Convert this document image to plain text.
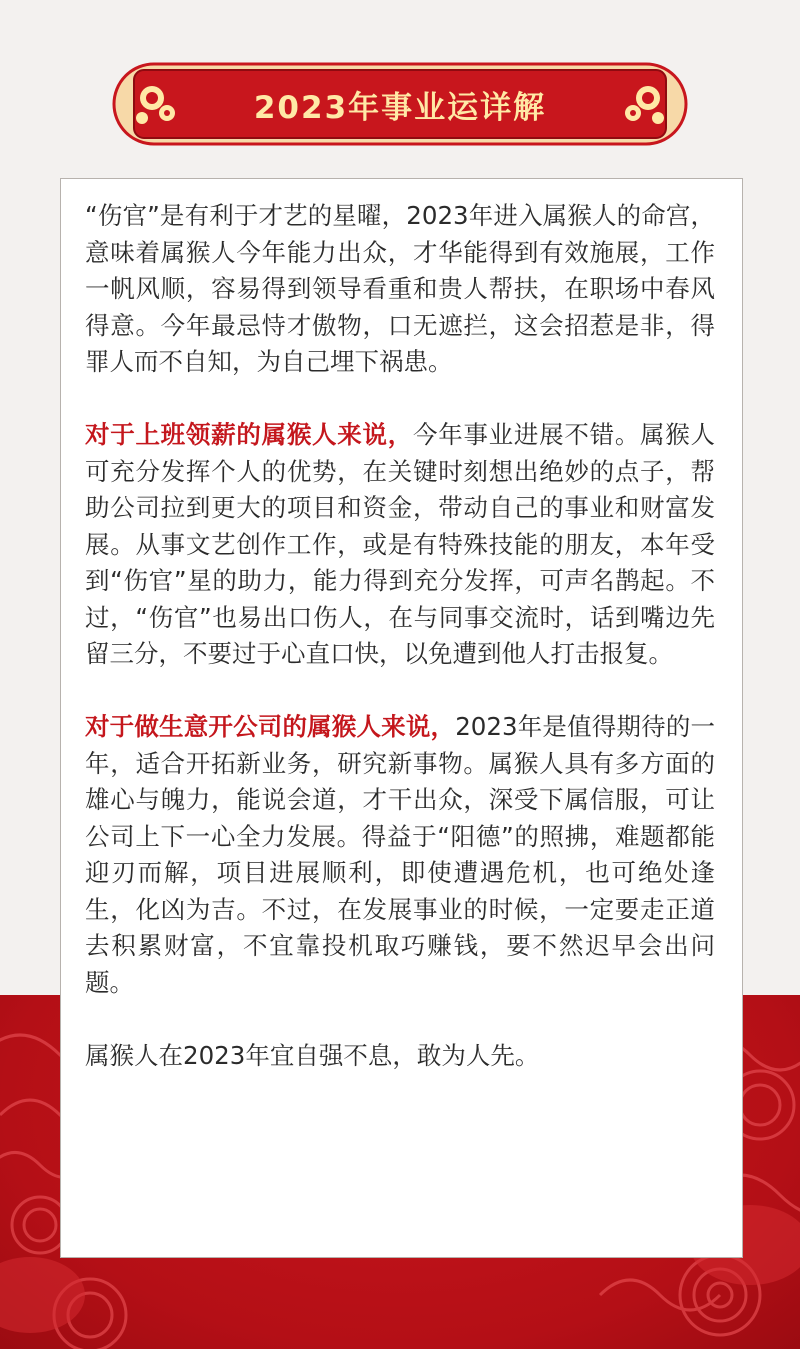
2023年事业运详解

“伤官”是有利于才艺的星曜，2023年进入属猴人的命宫，意味着属猴人今年能力出众，才华能得到有效施展，工作一帆风顺，容易得到领导看重和贵人帮扶，在职场中春风得意。今年最忌恃才傲物，口无遮拦，这会招惹是非，得罪人而不自知，为自己埋下祸患。

对于上班领薪的属猴人来说，今年事业进展不错。属猴人可充分发挥个人的优势，在关键时刻想出绝妙的点子，帮助公司拉到更大的项目和资金，带动自己的事业和财富发展。从事文艺创作工作，或是有特殊技能的朋友，本年受到“伤官”星的助力，能力得到充分发挥，可声名鹊起。不过，“伤官”也易出口伤人，在与同事交流时，话到嘴边先留三分，不要过于心直口快，以免遭到他人打击报复。

对于做生意开公司的属猴人来说，2023年是值得期待的一年，适合开拓新业务，研究新事物。属猴人具有多方面的雄心与魄力，能说会道，才干出众，深受下属信服，可让公司上下一心全力发展。得益于“阳德”的照拂，难题都能迎刃而解，项目进展顺利，即使遭遇危机，也可绝处逢生，化凶为吉。不过，在发展事业的时候，一定要走正道去积累财富，不宜靠投机取巧赚钱，要不然迟早会出问题。

属猴人在2023年宜自强不息，敢为人先。
